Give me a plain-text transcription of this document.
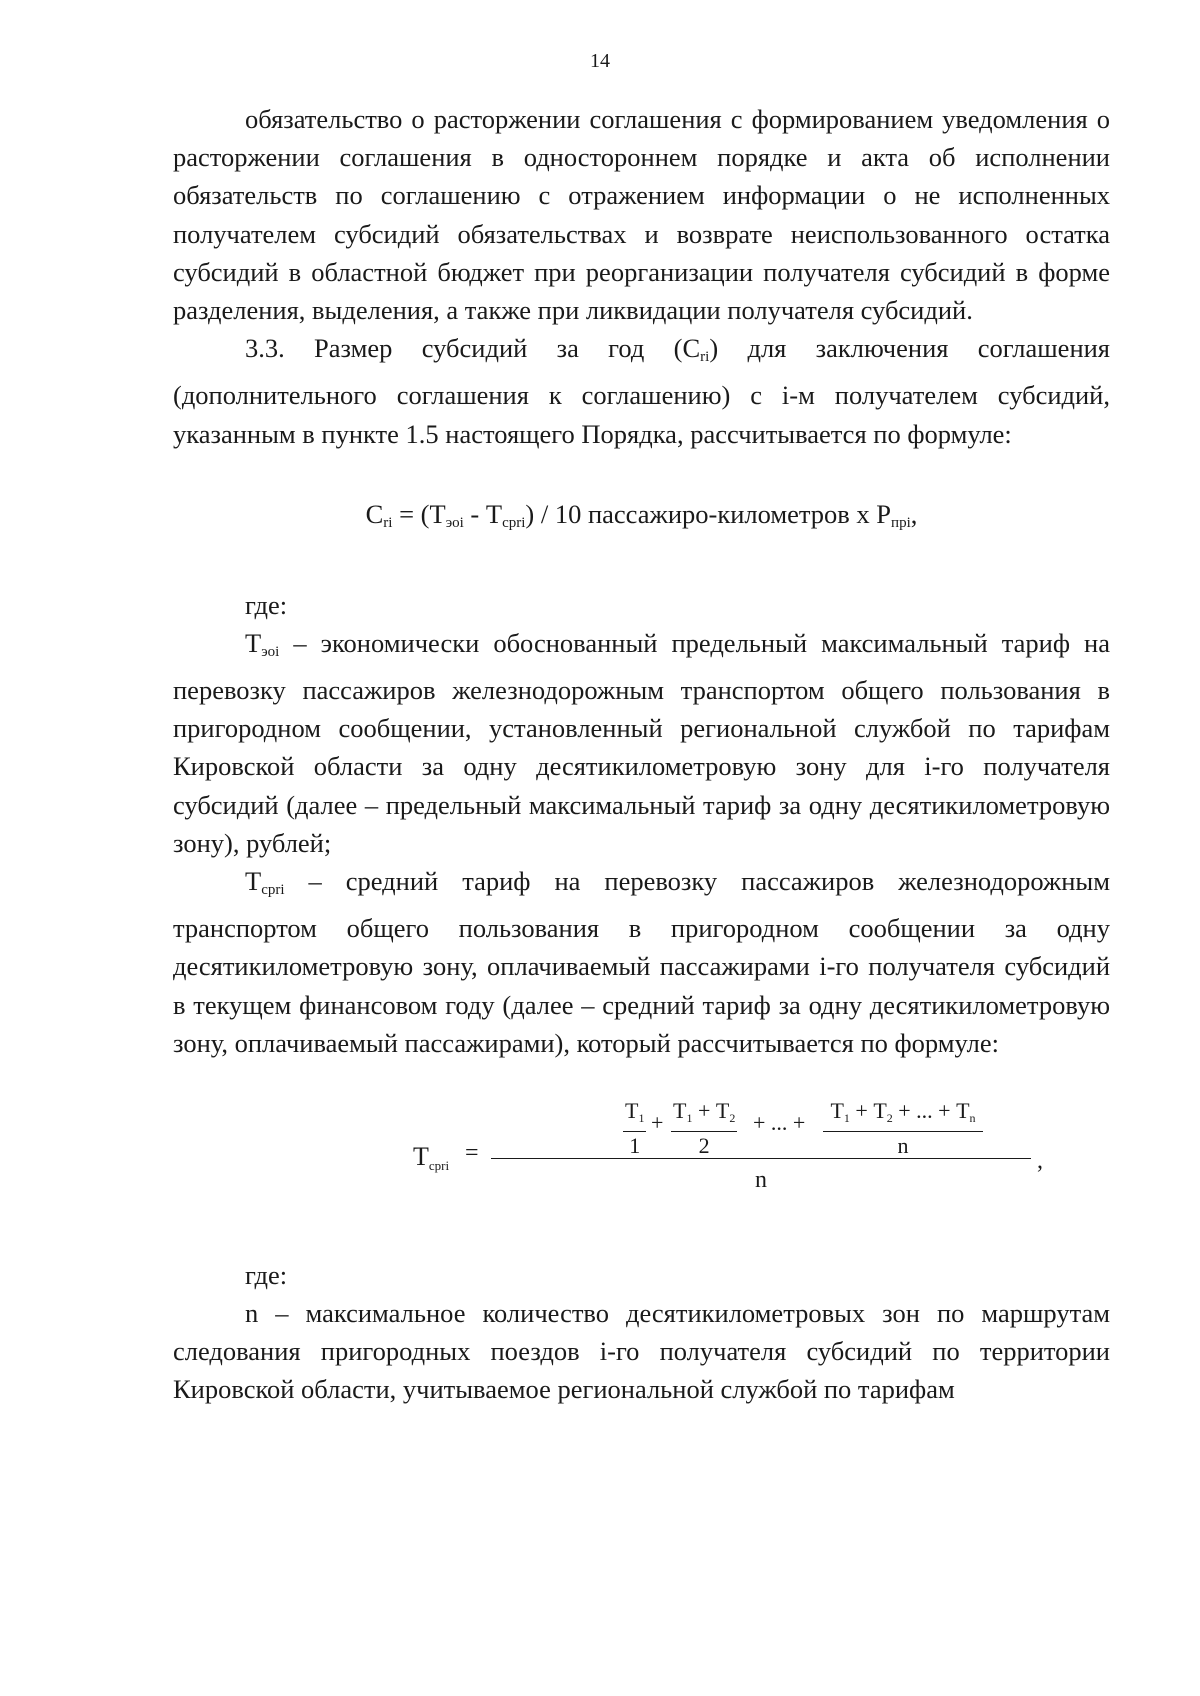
14

обязательство о расторжении соглашения с формированием уведомления о расторжении соглашения в одностороннем порядке и акта об исполнении обязательств по соглашению с отражением информации о не исполненных получателем субсидий обязательствах и возврате неиспользованного остатка субсидий в областной бюджет при реорганизации получателя субсидий в форме разделения, выделения, а также при ликвидации получателя субсидий.

3.3. Размер субсидий за год $(С_{ri})$ для заключения соглашения (дополнительного соглашения к соглашению) с i-м получателем субсидий, указанным в пункте 1.5 настоящего Порядка, рассчитывается по формуле:

$С_{ri} = (Т_{эоi} - Т_{срri}) / 10$ пассажиро-километров х $Р_{прi}$,

где:

$Т_{эоi}$ – экономически обоснованный предельный максимальный тариф на перевозку пассажиров железнодорожным транспортом общего пользования в пригородном сообщении, установленный региональной службой по тарифам Кировской области за одну десятикилометровую зону для i-го получателя субсидий (далее – предельный максимальный тариф за одну десятикилометровую зону), рублей;

$Т_{срri}$ – средний тариф на перевозку пассажиров железнодорожным транспортом общего пользования в пригородном сообщении за одну десятикилометровую зону, оплачиваемый пассажирами i-го получателя субсидий в текущем финансовом году (далее – средний тариф за одну десятикилометровую зону, оплачиваемый пассажирами), который рассчитывается по формуле:

$Т_{срri}$ =
Т1
1
+ Т1 + Т2
2
+ ... +	Т1 + Т2 + ... + Тn
n
n
,

где:

n – максимальное количество десятикилометровых зон по маршрутам следования пригородных поездов i-го получателя субсидий по территории Кировской области, учитываемое региональной службой по тарифам
